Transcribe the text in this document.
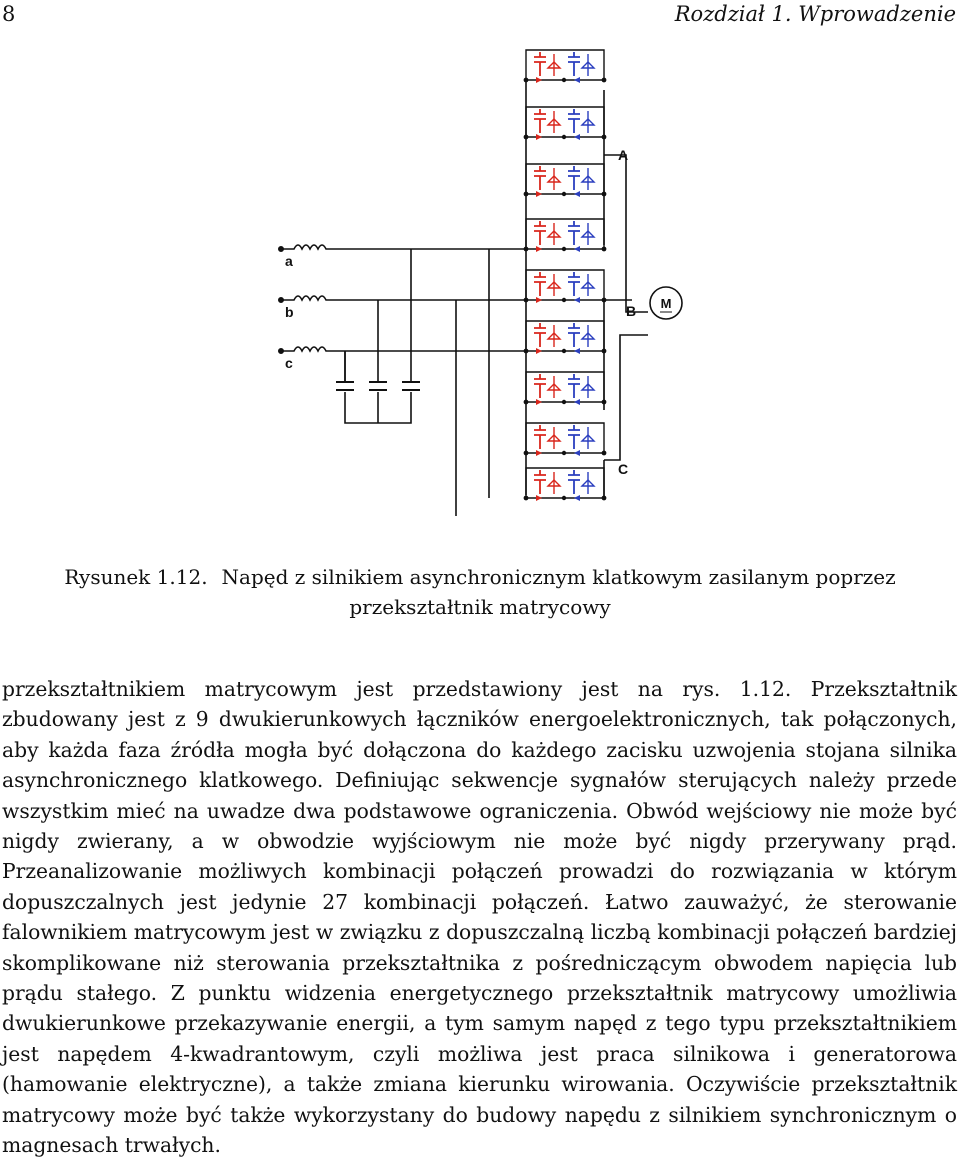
8	Rozdział 1. Wprowadzenie
M
a
b
c
A
B
C
Rysunek 1.12. Napęd z silnikiem asynchronicznym klatkowym zasilanym poprzez przekształtnik matrycowy

przekształtnikiem matrycowym jest przedstawiony jest na rys. 1.12. Przekształtnik zbudowany jest z 9 dwukierunkowych łączników energoelektronicznych, tak połączonych, aby każda faza źródła mogła być dołączona do każdego zacisku uzwojenia stojana silnika asynchronicznego klatkowego. Definiując sekwencje sygnałów sterujących należy przede wszystkim mieć na uwadze dwa podstawowe ograniczenia. Obwód wejściowy nie może być nigdy zwierany, a w obwodzie wyjściowym nie może być nigdy przerywany prąd. Przeanalizowanie możliwych kombinacji połączeń prowadzi do rozwiązania w którym dopuszczalnych jest jedynie 27 kombinacji połączeń. Łatwo zauważyć, że sterowanie falownikiem matrycowym jest w związku z dopuszczalną liczbą kombinacji połączeń bardziej skomplikowane niż sterowania przekształtnika z pośredniczącym obwodem napięcia lub prądu stałego. Z punktu widzenia energetycznego przekształtnik matrycowy umożliwia dwukierunkowe przekazywanie energii, a tym samym napęd z tego typu przekształtnikiem jest napędem 4-kwadrantowym, czyli możliwa jest praca silnikowa i generatorowa (hamowanie elektryczne), a także zmiana kierunku wirowania. Oczywiście przekształtnik matrycowy może być także wykorzystany do budowy napędu z silnikiem synchronicznym o magnesach trwałych.
